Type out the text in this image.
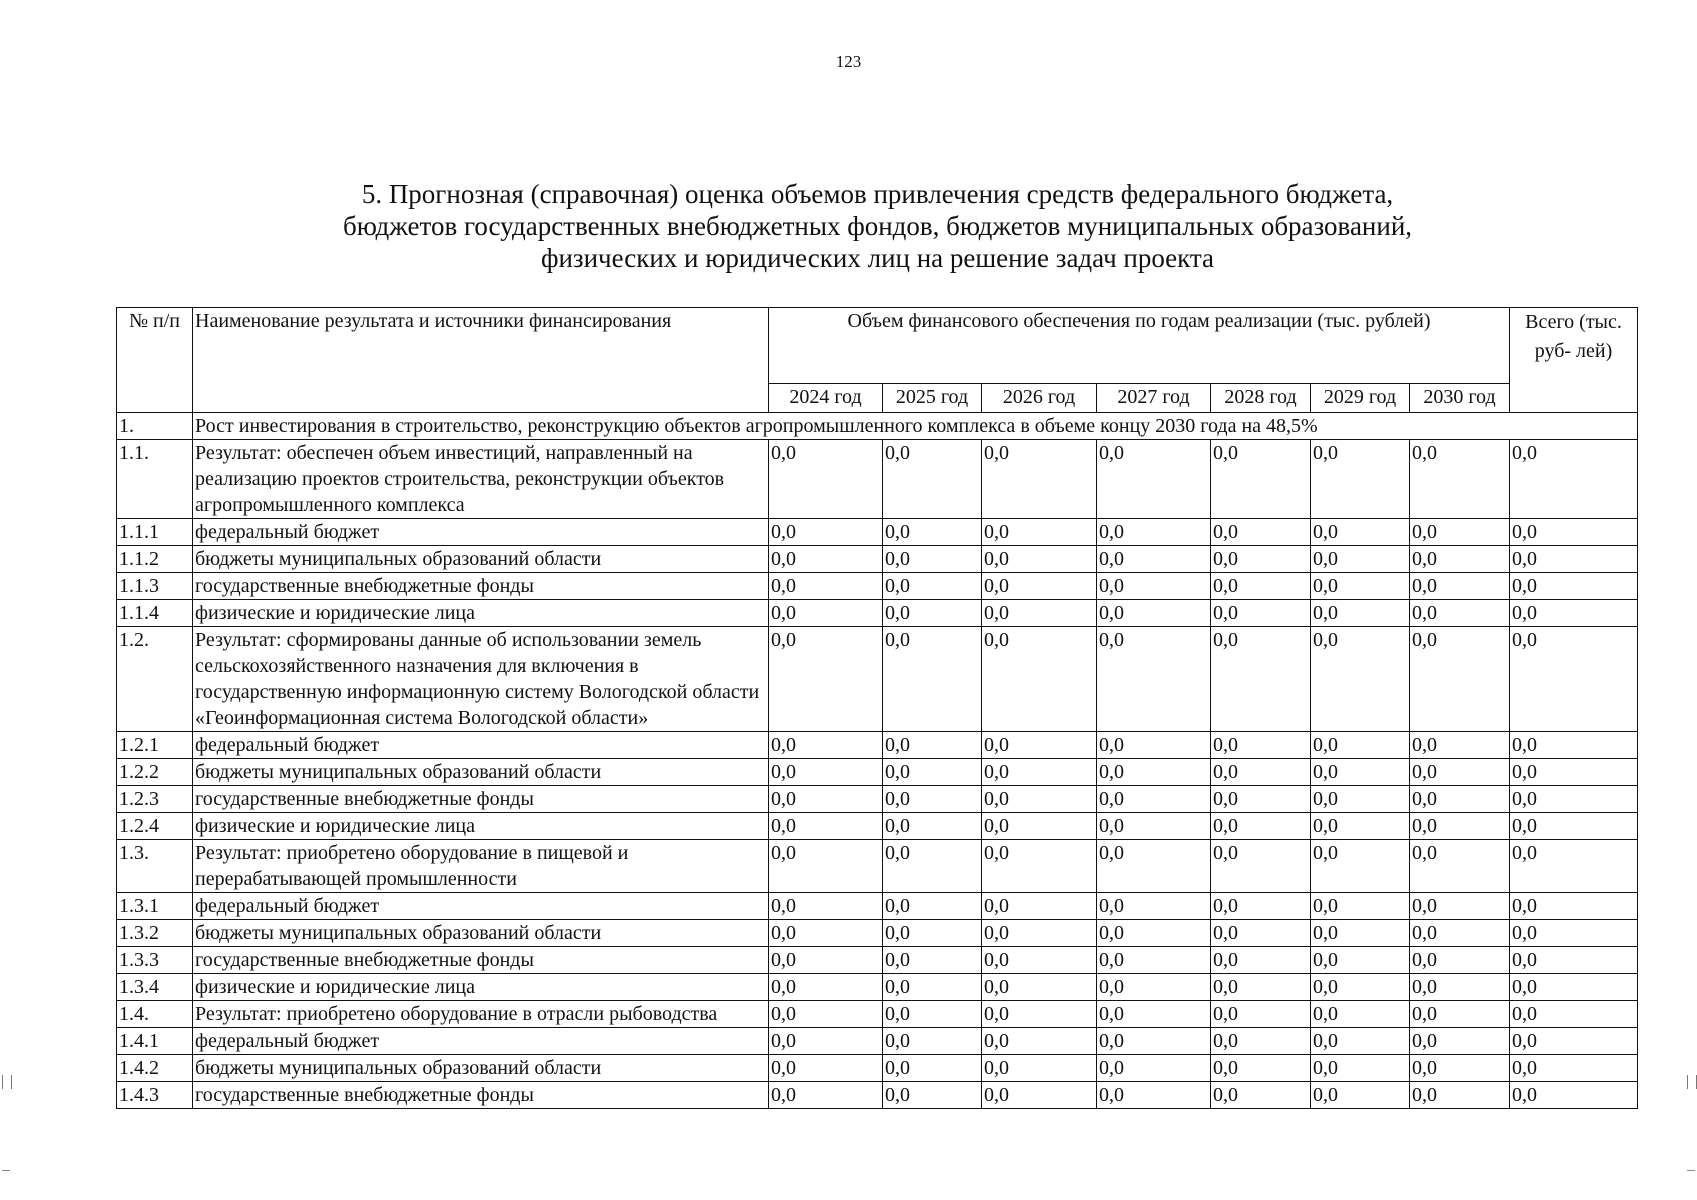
123
5. Прогнозная (справочная) оценка объемов привлечения средств федерального бюджета,
бюджетов государственных внебюджетных фондов, бюджетов муниципальных образований,
физических и юридических лиц на решение задач проекта
№ п/п	Наименование результата и источники финансирования	Объем финансового обеспечения по годам реализации (тыс. рублей)							Всего (тыс. руб- лей)
		2024 год	2025 год	2026 год	2027 год	2028 год	2029 год	2030 год	
1.	Рост инвестирования в строительство, реконструкцию объектов агропромышленного комплекса в объеме концу 2030 года на 48,5%								
1.1.	Результат: обеспечен объем инвестиций, направленный на реализацию проектов строительства, реконструкции объектов агропромышленного комплекса	0,0	0,0	0,0	0,0	0,0	0,0	0,0	0,0
1.1.1	федеральный бюджет	0,0	0,0	0,0	0,0	0,0	0,0	0,0	0,0
1.1.2	бюджеты муниципальных образований области	0,0	0,0	0,0	0,0	0,0	0,0	0,0	0,0
1.1.3	государственные внебюджетные фонды	0,0	0,0	0,0	0,0	0,0	0,0	0,0	0,0
1.1.4	физические и юридические лица	0,0	0,0	0,0	0,0	0,0	0,0	0,0	0,0
1.2.	Результат: сформированы данные об использовании земель сельскохозяйственного назначения для включения в государственную информационную систему Вологодской области «Геоинформационная система Вологодской области»	0,0	0,0	0,0	0,0	0,0	0,0	0,0	0,0
1.2.1	федеральный бюджет	0,0	0,0	0,0	0,0	0,0	0,0	0,0	0,0
1.2.2	бюджеты муниципальных образований области	0,0	0,0	0,0	0,0	0,0	0,0	0,0	0,0
1.2.3	государственные внебюджетные фонды	0,0	0,0	0,0	0,0	0,0	0,0	0,0	0,0
1.2.4	физические и юридические лица	0,0	0,0	0,0	0,0	0,0	0,0	0,0	0,0
1.3.	Результат: приобретено оборудование в пищевой и перерабатывающей промышленности	0,0	0,0	0,0	0,0	0,0	0,0	0,0	0,0
1.3.1	федеральный бюджет	0,0	0,0	0,0	0,0	0,0	0,0	0,0	0,0
1.3.2	бюджеты муниципальных образований области	0,0	0,0	0,0	0,0	0,0	0,0	0,0	0,0
1.3.3	государственные внебюджетные фонды	0,0	0,0	0,0	0,0	0,0	0,0	0,0	0,0
1.3.4	физические и юридические лица	0,0	0,0	0,0	0,0	0,0	0,0	0,0	0,0
1.4.	Результат: приобретено оборудование в отрасли рыбоводства	0,0	0,0	0,0	0,0	0,0	0,0	0,0	0,0
1.4.1	федеральный бюджет	0,0	0,0	0,0	0,0	0,0	0,0	0,0	0,0
1.4.2	бюджеты муниципальных образований области	0,0	0,0	0,0	0,0	0,0	0,0	0,0	0,0
1.4.3	государственные внебюджетные фонды	0,0	0,0	0,0	0,0	0,0	0,0	0,0	0,0
